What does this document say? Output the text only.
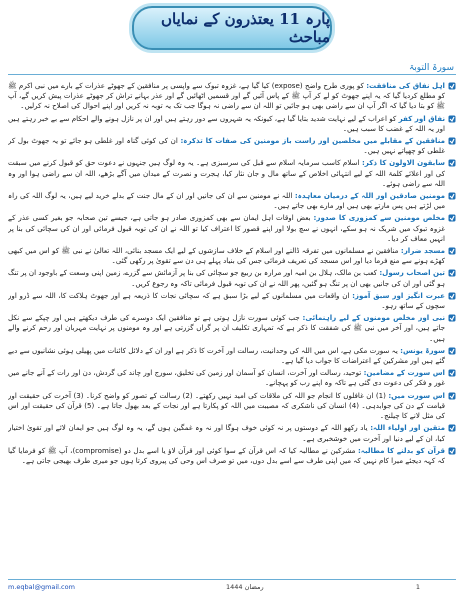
پارہ 11 یعتذرون کے نمایاں مباحث
سورۃ التوبۃ
اہل نفاق کی منافقت: کو پوری طرح واضح (expose) کیا گیا ہے، غزوہ تبوک سے واپسی پر منافقین کے جھوٹے عذرات کے بارے میں نبی اکرم ﷺ کو مطلع کردیا گیا کہ یہ اپنے جھوٹ کو لے کر آپ ﷺ کے پاس آئیں گے اور قسمیں اٹھائیں گے اور عذر بہانے تراش کر جھوٹے عذرات پیش کریں گے، آپ ﷺ کو بتا دیا گیا کہ اگر آپ ان سے راضی بھی ہو جائیں تو اللہ ان سے راضی نہ ہوگا جب تک یہ توبہ نہ کریں اور اپنے احوال کی اصلاح نہ کرلیں۔
نفاق اور کفر کو اعراب کے لیے نہایت شدید بتایا گیا ہے، کیونکہ یہ شہروں سے دور رہتے ہیں اور ان پر نازل ہونے والے احکام سے بے خبر رہتے ہیں اور یہ اللہ کے غضب کا سبب ہیں۔
منافقین کے مقابلے میں مخلصین اور راست باز مومنین کی صفات کا تذکرہ: ان کی کوئی گناہ اور غلطی ہو جائے تو یہ جھوٹ بول کر غلطی کو چھپاتے نہیں ہیں۔
سابقون الاولون کا ذکر: اسلام کاسب سرمایہ اسلام سے قبل کی سرسبزی ہے۔ یہ وہ لوگ ہیں جنہوں نے دعوت حق کو قبول کرنے میں سبقت کی اور اعلائے کلمۃ اللہ کے لیے انتہائی اخلاص کے ساتھ مال و جان نثار کیا، ہجرت و نصرت کے میدان میں آگے بڑھے، اللہ ان سے راضی ہوا اور وہ اللہ سے راضی ہوئے۔
مومنین صادقین اور اللہ کے درمیان معاہدہ: اللہ نے مومنین سے ان کی جانیں اور ان کے مال جنت کے بدلے خرید لیے ہیں، یہ لوگ اللہ کی راہ میں لڑتے ہیں پس مارتے بھی ہیں اور مارے بھی جاتے ہیں۔
مخلص مومنین سے کمزوری کا صدور: بعض اوقات اہل ایمان سے بھی کمزوری صادر ہو جاتی ہے، جیسے تین صحابہ جو بغیر کسی عذر کے غزوہ تبوک میں شریک نہ ہو سکے، انہوں نے سچ بولا اور اپنے قصور کا اعتراف کیا تو اللہ نے ان کی توبہ قبول فرمائی اور ان کی سچائی کی بنا پر انہیں معاف کر دیا۔
مسجد ضرار: منافقین نے مسلمانوں میں تفرقہ ڈالنے اور اسلام کے خلاف سازشوں کے لیے ایک مسجد بنائی، اللہ تعالیٰ نے نبی ﷺ کو اس میں کبھی کھڑے ہونے سے منع فرما دیا اور اس مسجد کی تعریف فرمائی جس کی بنیاد پہلے ہی دن سے تقویٰ پر رکھی گئی۔
تین اصحاب رسول: کعب بن مالک، ہلال بن امیہ اور مرارہ بن ربیع جو سچائی کی بنا پر آزمائش سے گزرے، زمین اپنی وسعت کے باوجود ان پر تنگ ہو گئی اور ان کی جانیں بھی ان پر تنگ ہو گئیں، پھر اللہ نے ان کی توبہ قبول فرمائی تاکہ وہ رجوع کریں۔
عبرت انگیز اور سبق آموز: ان واقعات میں مسلمانوں کے لیے بڑا سبق ہے کہ سچائی نجات کا ذریعہ ہے اور جھوٹ ہلاکت کا، اللہ سے ڈرو اور سچوں کے ساتھ رہو۔
نبی اور مخلص مومنوں کے لیے راہنمائی: جب کوئی سورت نازل ہوتی ہے تو منافقین ایک دوسرے کی طرف دیکھتے ہیں اور چپکے سے نکل جاتے ہیں، اور آخر میں نبی ﷺ کی شفقت کا ذکر ہے کہ تمہاری تکلیف ان پر گراں گزرتی ہے اور وہ مومنوں پر نہایت مہربان اور رحم کرنے والے ہیں۔
سورۃ یونس: یہ سورت مکی ہے، اس میں اللہ کی وحدانیت، رسالت اور آخرت کا ذکر ہے اور ان کے دلائل کائنات میں پھیلی ہوئی نشانیوں سے دیے گئے ہیں اور مشرکین کے اعتراضات کا جواب دیا گیا ہے۔
اس سورت کے مضامین: توحید، رسالت اور آخرت، انسان کو آسمان اور زمین کی تخلیق، سورج اور چاند کی گردش، دن اور رات کے آنے جانے میں غور و فکر کی دعوت دی گئی ہے تاکہ وہ اپنے رب کو پہچانے۔
اس سورت میں: (1) ان غافلوں کا انجام جو اللہ کی ملاقات کی امید نہیں رکھتے۔ (2) رسالت کے تصور کو واضح کرنا۔ (3) آخرت کی حقیقت اور قیامت کے دن کی جوابدہی۔ (4) انسان کی ناشکری کہ مصیبت میں اللہ کو پکارتا ہے اور نجات کے بعد بھول جاتا ہے۔ (5) قرآن کی حقیقت اور اس کی مثل لانے کا چیلنج۔
متقین اور اولیاء اللہ: یاد رکھو اللہ کے دوستوں پر نہ کوئی خوف ہوگا اور نہ وہ غمگین ہوں گے، یہ وہ لوگ ہیں جو ایمان لائے اور تقویٰ اختیار کیا، ان کے لیے دنیا اور آخرت میں خوشخبری ہے۔
قرآن کو بدلنے کا مطالبہ: مشرکین نے مطالبہ کیا کہ اس قرآن کے سوا کوئی اور قرآن لاؤ یا اسے بدل دو (compromise)، آپ ﷺ کو فرمایا گیا کہ کہہ دیجئے میرا کام نہیں کہ میں اپنی طرف سے اسے بدل دوں، میں تو صرف اس وحی کی پیروی کرتا ہوں جو میری طرف بھیجی جاتی ہے۔
m.eqbal@gmail.com	رمضان 1444	1
